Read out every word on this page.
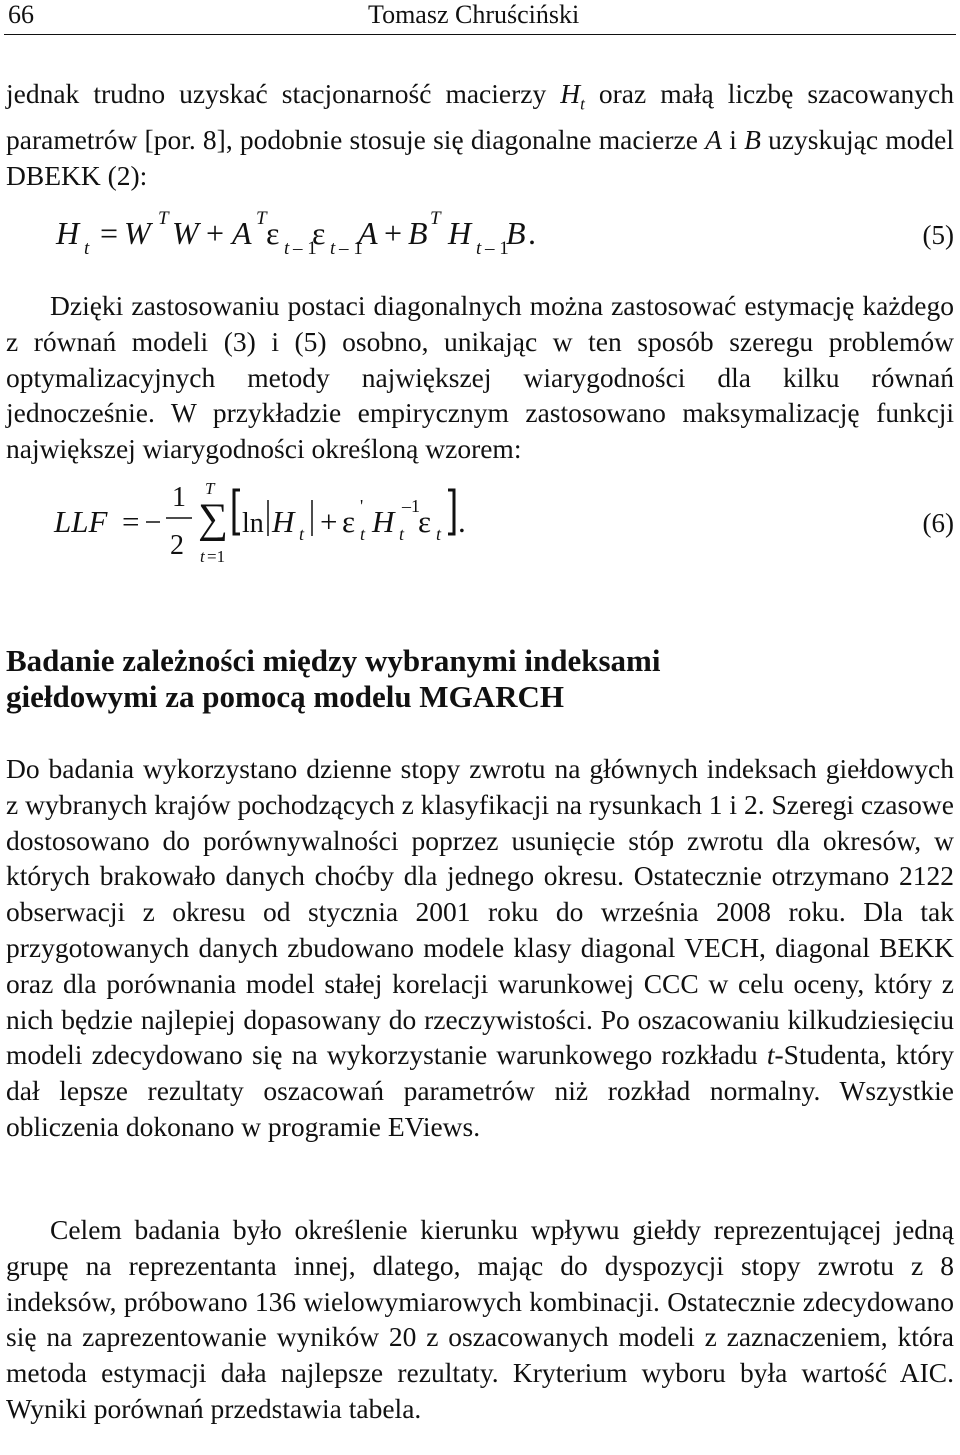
66	Tomasz Chruściński

jednak trudno uzyskać stacjonarność macierzy $H_t$ oraz małą liczbę szacowanych parametrów [por. 8], podobnie stosuje się diagonalne macierze A i B uzyskując model DBEKK (2):

H t = W T W + A T ε t – 1
ε t – 1
A + B T H t – 1
B .	(5)

Dzięki zastosowaniu postaci diagonalnych można zastosować estymację każdego z równań modeli (3) i (5) osobno, unikając w ten sposób szeregu problemów optymalizacyjnych metody największej wiarygodności dla kilku równań jednocześnie. W przykładzie empirycznym zastosowano maksymalizację funkcji największej wiarygodności określoną wzorem:

LLF =
1
2
T
∑
t =1
ln H t + ε t
' H t
–1
ε t .	(6)
Badanie zależności między wybranymi indeksami
giełdowymi za pomocą modelu MGARCH

Do badania wykorzystano dzienne stopy zwrotu na głównych indeksach giełdowych z wybranych krajów pochodzących z klasyfikacji na rysunkach 1 i 2. Szeregi czasowe dostosowano do porównywalności poprzez usunięcie stóp zwrotu dla okresów, w których brakowało danych choćby dla jednego okresu. Ostatecznie otrzymano 2122 obserwacji z okresu od stycznia 2001 roku do września 2008 roku. Dla tak przygotowanych danych zbudowano modele klasy diagonal VECH, diagonal BEKK oraz dla porównania model stałej korelacji warunkowej CCC w celu oceny, który z nich będzie najlepiej dopasowany do rzeczywistości. Po oszacowaniu kilkudziesięciu modeli zdecydowano się na wykorzystanie warunkowego rozkładu t-Studenta, który dał lepsze rezultaty oszacowań parametrów niż rozkład normalny. Wszystkie obliczenia dokonano w programie EViews.

Celem badania było określenie kierunku wpływu giełdy reprezentującej jedną grupę na reprezentanta innej, dlatego, mając do dyspozycji stopy zwrotu z 8 indeksów, próbowano 136 wielowymiarowych kombinacji. Ostatecznie zdecydowano się na zaprezentowanie wyników 20 z oszacowanych modeli z zaznaczeniem, która metoda estymacji dała najlepsze rezultaty. Kryterium wyboru była wartość AIC. Wyniki porównań przedstawia tabela.
